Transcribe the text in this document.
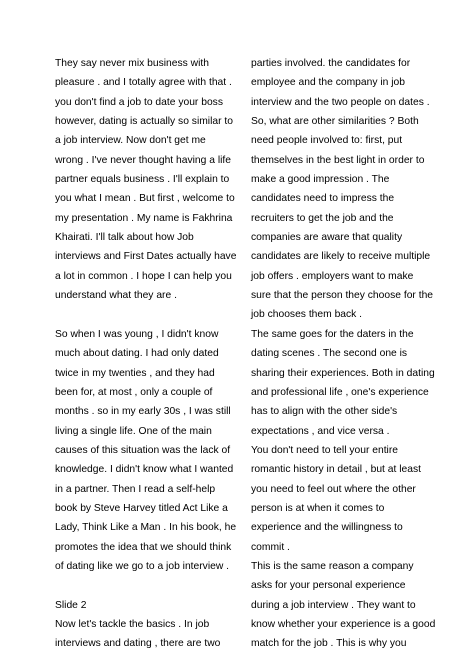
They say never mix business with
pleasure . and I totally agree with that .
you don't find a job to date your boss
however, dating is actually so similar to
a job interview. Now don't get me
wrong . I've never thought having a life
partner equals business . I'll explain to
you what I mean . But first , welcome to
my presentation . My name is Fakhrina
Khairati. I'll talk about how Job
interviews and First Dates actually have
a lot in common . I hope I can help you
understand what they are .
So when I was young , I didn't know
much about dating. I had only dated
twice in my twenties , and they had
been for, at most , only a couple of
months . so in my early 30s , I was still
living a single life. One of the main
causes of this situation was the lack of
knowledge. I didn't know what I wanted
in a partner. Then I read a self-help
book by Steve Harvey titled Act Like a
Lady, Think Like a Man . In his book, he
promotes the idea that we should think
of dating like we go to a job interview .
Slide 2
Now let's tackle the basics . In job
interviews and dating , there are two
parties involved. the candidates for
employee and the company in job
interview and the two people on dates .
So, what are other similarities ? Both
need people involved to: first, put
themselves in the best light in order to
make a good impression . The
candidates need to impress the
recruiters to get the job and the
companies are aware that quality
candidates are likely to receive multiple
job offers . employers want to make
sure that the person they choose for the
job chooses them back .
The same goes for the daters in the
dating scenes . The second one is
sharing their experiences. Both in dating
and professional life , one's experience
has to align with the other side's
expectations , and vice versa .
You don't need to tell your entire
romantic history in detail , but at least
you need to feel out where the other
person is at when it comes to
experience and the willingness to
commit .
This is the same reason a company
asks for your personal experience
during a job interview . They want to
know whether your experience is a good
match for the job . This is why you
